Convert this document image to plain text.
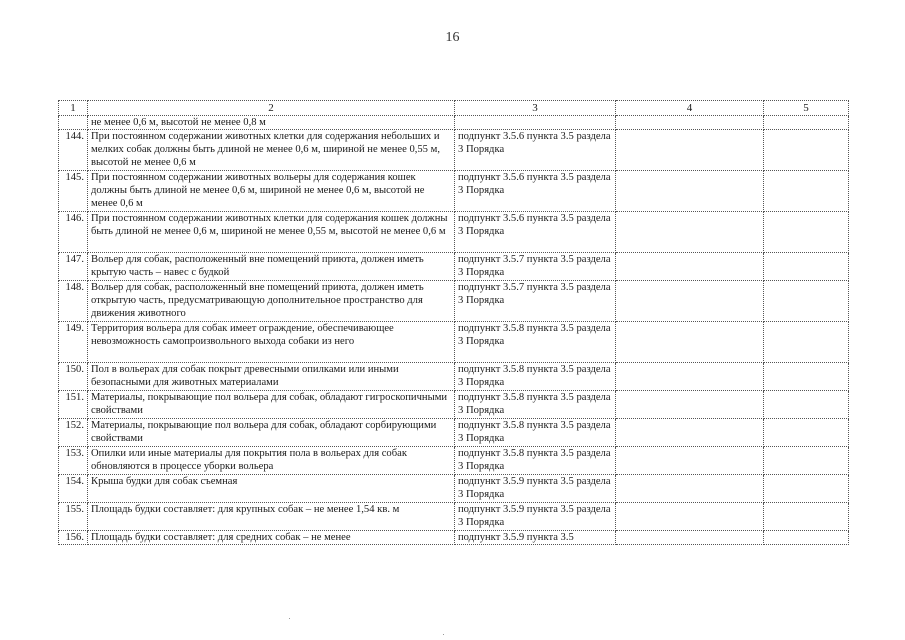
16
1	2	3	4	5
	не менее 0,6 м, высотой не менее 0,8 м			
144.	При постоянном содержании животных клетки для содержания небольших и мелких собак должны быть длиной не менее 0,6 м, шириной не менее 0,55 м, высотой не менее 0,6 м	подпункт 3.5.6 пункта 3.5 раздела 3 Порядка		
145.	При постоянном содержании животных вольеры для содержания кошек должны быть длиной не менее 0,6 м, шириной не менее 0,6 м, высотой не менее 0,6 м	подпункт 3.5.6 пункта 3.5 раздела 3 Порядка		
146.	При постоянном содержании животных клетки для содержания кошек должны быть длиной не менее 0,6 м, шириной не менее 0,55 м, высотой не менее 0,6 м	подпункт 3.5.6 пункта 3.5 раздела 3 Порядка		
147.	Вольер для собак, расположенный вне помещений приюта, должен иметь крытую часть – навес с будкой	подпункт 3.5.7 пункта 3.5 раздела 3 Порядка		
148.	Вольер для собак, расположенный вне помещений приюта, должен иметь открытую часть, предусматривающую дополнительное пространство для движения животного	подпункт 3.5.7 пункта 3.5 раздела 3 Порядка		
149.	Территория вольера для собак имеет ограждение, обеспечивающее невозможность самопроизвольного выхода собаки из него	подпункт 3.5.8 пункта 3.5 раздела 3 Порядка		
150.	Пол в вольерах для собак покрыт древесными опилками или иными безопасными для животных материалами	подпункт 3.5.8 пункта 3.5 раздела 3 Порядка		
151.	Материалы, покрывающие пол вольера для собак, обладают гигроскопичными свойствами	подпункт 3.5.8 пункта 3.5 раздела 3 Порядка		
152.	Материалы, покрывающие пол вольера для собак, обладают сорбирующими свойствами	подпункт 3.5.8 пункта 3.5 раздела 3 Порядка		
153.	Опилки или иные материалы для покрытия пола в вольерах для собак обновляются в процессе уборки вольера	подпункт 3.5.8 пункта 3.5 раздела 3 Порядка		
154.	Крыша будки для собак съемная	подпункт 3.5.9 пункта 3.5 раздела 3 Порядка		
155.	Площадь будки составляет: для крупных собак – не менее 1,54 кв. м	подпункт 3.5.9 пункта 3.5 раздела 3 Порядка		
156.	Площадь будки составляет: для средних собак – не менее	подпункт 3.5.9 пункта 3.5		
